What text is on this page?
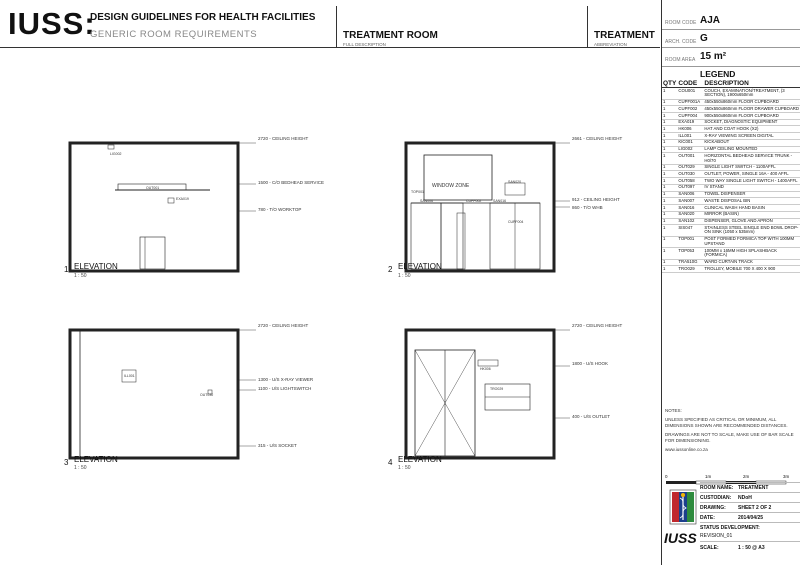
IUSS:
DESIGN GUIDELINES FOR HEALTH FACILITIES
GENERIC ROOM REQUIREMENTS	TREATMENT ROOM
FULL DESCRIPTION
TREATMENT
ABBREVIATION
2720 - CEILING HEIGHT
1500 - C/O BEDHEAD SERVICE
780 - T/O WORKTOP
LIG002
OUT001
EXA019
1 ELEVATION
1 : 50
2661 - CEILING HEIGHT
912 - CEILING HEIGHT
860 - T/O WHB
WINDOW ZONE
TOP001
SAN006	CUPF002	SAN016
SAN020
CUPF004
2 ELEVATION
1 : 50
2720 - CEILING HEIGHT
1300 - U/S X-RAY VIEWER
1100 - U/S LIGHTSWITCH
315 - U/S SOCKET
ILL001
OUT030
3 ELEVATION
1 : 50
2720 - CEILING HEIGHT
1800 - U/S HOOK
400 - U/S OUTLET
HK006
TRO029
4 ELEVATION
1 : 50
ROOM CODE AJA
ARCH. CODE G
ROOM AREA 15 m²
LEGEND
QTY	CODE	DESCRIPTION
1	COU001	COUCH, EXAMINATION/TREATMENT, (3 SECTION), 1900x650mm
1	CUPF001A	450x550x860mm FLOOR CUPBOARD
1	CUPF002	450x550x860mm FLOOR DRAWER CUPBOARD
1	CUPF004	900x550x860mm FLOOR CUPBOARD
1	EXA019	SOCKET, DIAGNOSTIC EQUIPMENT
1	HK006	HAT AND COAT HOOK (X2)
1	ILL001	X-RAY VIEWING SCREEN DIGITAL
1	KIC001	KICKABOUT
1	LIG002	LAMP CEILING MOUNTED
1	OUT001	HORIZONTAL BEDHEAD SERVICE TRUNK - H0/70
1	OUT029	SINGLE LIGHT SWITCH - 1100AFFL
1	OUT030	OUTLET, POWER, SINGLE 16A - 400 AFFL
1	OUT058	TWO WAY SINGLE LIGHT SWITCH - 1400AFFL
1	OUT097	IV STAND
1	SAN006	TOWEL DISPENSER
1	SAN007	WASTE DISPOSAL BIN
1	SAN016	CLINICAL WASH HAND BASIN
1	SAN020	MIRROR (BASIN)
1	SAN102	DISPENSER, GLOVE AND APRON
1	SIS047	STAINLESS STEEL SINGLE END BOWL DROP-ON SINK (1050 x 535mm)
1	TOP001	POST FORMED FORMICA TOP WITH 100MM UPSTAND
1	TOP053	100MM x 16MM HIGH SPLASHBACK (FORMICA)
1	TRA510G	WARD CURTAIN TRACK
1	TRO029	TROLLEY, MOBILE 700 X 400 X 900

NOTES:

UNLESS SPECIFIED AS CRITICAL OR MINIMUM, ALL DIMENSIONS SHOWN ARE RECOMMENDED DISTANCES.

DRAWINGS ARE NOT TO SCALE, MAKE USE OF BAR SCALE FOR DIMENSIONING.

www.iussonline.co.za

0	1m	2m	3m
IUSS
ROOM NAME: TREATMENT
CUSTODIAN: NDoH
DRAWING: SHEET 2 OF 2
DATE:	2014/04/25
STATUS DEVELOPMENT:
REVISION_01
SCALE:	1 : 50 @ A3
